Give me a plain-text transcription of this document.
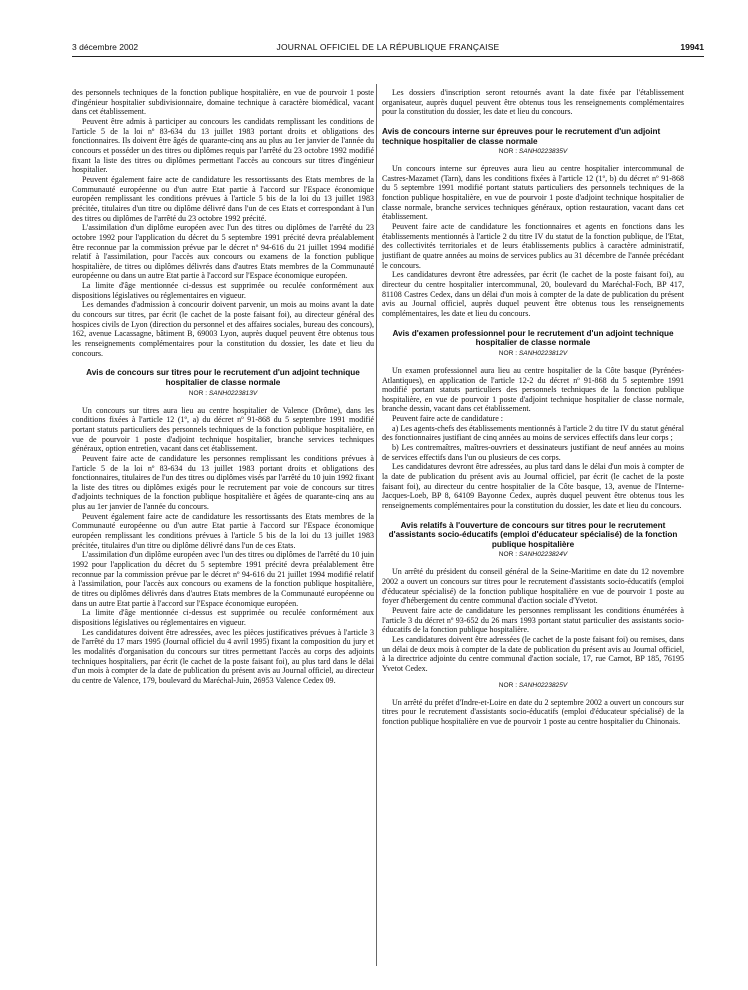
3 décembre 2002	JOURNAL OFFICIEL DE LA RÉPUBLIQUE FRANÇAISE	19941

des personnels techniques de la fonction publique hospitalière, en vue de pourvoir 1 poste d'ingénieur hospitalier subdivisionnaire, domaine technique à caractère biomédical, vacant dans cet établissement.

Peuvent être admis à participer au concours les candidats remplissant les conditions de l'article 5 de la loi nº 83-634 du 13 juillet 1983 portant droits et obligations des fonctionnaires. Ils doivent être âgés de quarante-cinq ans au plus au 1er janvier de l'année du concours et posséder un des titres ou diplômes requis par l'arrêté du 23 octobre 1992 modifié fixant la liste des titres ou diplômes permettant l'accès au concours sur titres d'ingénieur hospitalier.

Peuvent également faire acte de candidature les ressortissants des Etats membres de la Communauté européenne ou d'un autre Etat partie à l'accord sur l'Espace économique européen remplissant les conditions prévues à l'article 5 bis de la loi du 13 juillet 1983 précitée, titulaires d'un titre ou diplôme délivré dans l'un de ces Etats et correspondant à l'un des titres ou diplômes de l'arrêté du 23 octobre 1992 précité.

L'assimilation d'un diplôme européen avec l'un des titres ou diplômes de l'arrêté du 23 octobre 1992 pour l'application du décret du 5 septembre 1991 précité devra préalablement être reconnue par la commission prévue par le décret nº 94-616 du 21 juillet 1994 modifié relatif à l'assimilation, pour l'accès aux concours ou examens de la fonction publique hospitalière, de titres ou diplômes délivrés dans d'autres Etats membres de la Communauté européenne ou dans un autre Etat partie à l'accord sur l'Espace économique européen.

La limite d'âge mentionnée ci-dessus est supprimée ou reculée conformément aux dispositions législatives ou réglementaires en vigueur.

Les demandes d'admission à concourir doivent parvenir, un mois au moins avant la date du concours sur titres, par écrit (le cachet de la poste faisant foi), au directeur général des hospices civils de Lyon (direction du personnel et des affaires sociales, bureau des concours), 162, avenue Lacassagne, bâtiment B, 69003 Lyon, auprès duquel peuvent être obtenus tous les renseignements complémentaires pour la constitution du dossier, les date et lieu du concours.

Avis de concours sur titres pour le recrutement d'un adjoint technique hospitalier de classe normale
NOR : SANH0223813V

Un concours sur titres aura lieu au centre hospitalier de Valence (Drôme), dans les conditions fixées à l'article 12 (1º, a) du décret nº 91-868 du 5 septembre 1991 modifié portant statuts particuliers des personnels techniques de la fonction publique hospitalière, en vue de pourvoir 1 poste d'adjoint technique hospitalier, branche services techniques généraux, option entretien, vacant dans cet établissement.

Peuvent faire acte de candidature les personnes remplissant les conditions prévues à l'article 5 de la loi nº 83-634 du 13 juillet 1983 portant droits et obligations des fonctionnaires, titulaires de l'un des titres ou diplômes visés par l'arrêté du 10 juin 1992 fixant la liste des titres ou diplômes exigés pour le recrutement par voie de concours sur titres d'adjoints techniques de la fonction publique hospitalière et âgées de quarante-cinq ans au plus au 1er janvier de l'année du concours.

Peuvent également faire acte de candidature les ressortissants des Etats membres de la Communauté européenne ou d'un autre Etat partie à l'accord sur l'Espace économique européen remplissant les conditions prévues à l'article 5 bis de la loi du 13 juillet 1983 précitée, titulaires d'un titre ou diplôme délivré dans l'un de ces Etats.

L'assimilation d'un diplôme européen avec l'un des titres ou diplômes de l'arrêté du 10 juin 1992 pour l'application du décret du 5 septembre 1991 précité devra préalablement être reconnue par la commission prévue par le décret nº 94-616 du 21 juillet 1994 modifié relatif à l'assimilation, pour l'accès aux concours ou examens de la fonction publique hospitalière, de titres ou diplômes délivrés dans d'autres Etats membres de la Communauté européenne ou dans un autre Etat partie à l'accord sur l'Espace économique européen.

La limite d'âge mentionnée ci-dessus est supprimée ou reculée conformément aux dispositions législatives ou réglementaires en vigueur.

Les candidatures doivent être adressées, avec les pièces justificatives prévues à l'article 3 de l'arrêté du 17 mars 1995 (Journal officiel du 4 avril 1995) fixant la composition du jury et les modalités d'organisation du concours sur titres permettant l'accès au corps des adjoints techniques hospitaliers, par écrit (le cachet de la poste faisant foi), au plus tard dans le délai d'un mois à compter de la date de publication du présent avis au Journal officiel, au directeur du centre de Valence, 179, boulevard du Maréchal-Juin, 26953 Valence Cedex 09.

Les dossiers d'inscription seront retournés avant la date fixée par l'établissement organisateur, auprès duquel peuvent être obtenus tous les renseignements complémentaires pour la constitution du dossier, les date et lieu du concours.

Avis de concours interne sur épreuves pour le recrutement d'un adjoint technique hospitalier de classe normale
NOR : SANH0223835V

Un concours interne sur épreuves aura lieu au centre hospitalier intercommunal de Castres-Mazamet (Tarn), dans les conditions fixées à l'article 12 (1º, b) du décret nº 91-868 du 5 septembre 1991 modifié portant statuts particuliers des personnels techniques de la fonction publique hospitalière, en vue de pourvoir 1 poste d'adjoint technique hospitalier de classe normale, branche services techniques généraux, option restauration, vacant dans cet établissement.

Peuvent faire acte de candidature les fonctionnaires et agents en fonctions dans les établissements mentionnés à l'article 2 du titre IV du statut de la fonction publique, de l'Etat, des collectivités territoriales et de leurs établissements publics à caractère administratif, justifiant de quatre années au moins de services publics au 31 décembre de l'année précédant le concours.

Les candidatures devront être adressées, par écrit (le cachet de la poste faisant foi), au directeur du centre hospitalier intercommunal, 20, boulevard du Maréchal-Foch, BP 417, 81108 Castres Cedex, dans un délai d'un mois à compter de la date de publication du présent avis au Journal officiel, auprès duquel peuvent être obtenus tous les renseignements complémentaires, les date et lieu du concours.

Avis d'examen professionnel pour le recrutement d'un adjoint technique hospitalier de classe normale
NOR : SANH0223812V

Un examen professionnel aura lieu au centre hospitalier de la Côte basque (Pyrénées-Atlantiques), en application de l'article 12-2 du décret nº 91-868 du 5 septembre 1991 modifié portant statuts particuliers des personnels techniques de la fonction publique hospitalière, en vue de pourvoir 1 poste d'adjoint technique hospitalier de classe normale, branche dessin, vacant dans cet établissement.

Peuvent faire acte de candidature :

a) Les agents-chefs des établissements mentionnés à l'article 2 du titre IV du statut général des fonctionnaires justifiant de cinq années au moins de services effectifs dans leur corps ;

b) Les contremaîtres, maîtres-ouvriers et dessinateurs justifiant de neuf années au moins de services effectifs dans l'un ou plusieurs de ces corps.

Les candidatures devront être adressées, au plus tard dans le délai d'un mois à compter de la date de publication du présent avis au Journal officiel, par écrit (le cachet de la poste faisant foi), au directeur du centre hospitalier de la Côte basque, 13, avenue de l'Interne-Jacques-Loeb, BP 8, 64109 Bayonne Cedex, auprès duquel peuvent être obtenus tous les renseignements complémentaires pour la constitution du dossier, les date et lieu du concours.

Avis relatifs à l'ouverture de concours sur titres pour le recrutement d'assistants socio-éducatifs (emploi d'éducateur spécialisé) de la fonction publique hospitalière
NOR : SANH0223824V

Un arrêté du président du conseil général de la Seine-Maritime en date du 12 novembre 2002 a ouvert un concours sur titres pour le recrutement d'assistants socio-éducatifs (emploi d'éducateur spécialisé) de la fonction publique hospitalière en vue de pourvoir 1 poste au foyer d'hébergement du centre communal d'action sociale d'Yvetot.

Peuvent faire acte de candidature les personnes remplissant les conditions énumérées à l'article 3 du décret nº 93-652 du 26 mars 1993 portant statut particulier des assistants socio-éducatifs de la fonction publique hospitalière.

Les candidatures doivent être adressées (le cachet de la poste faisant foi) ou remises, dans un délai de deux mois à compter de la date de publication du présent avis au Journal officiel, à la directrice adjointe du centre communal d'action sociale, 17, rue Carnot, BP 185, 76195 Yvetot Cedex.

NOR : SANH0223825V

Un arrêté du préfet d'Indre-et-Loire en date du 2 septembre 2002 a ouvert un concours sur titres pour le recrutement d'assistants socio-éducatifs (emploi d'éducateur spécialisé) de la fonction publique hospitalière en vue de pourvoir 1 poste au centre hospitalier du Chinonais.
